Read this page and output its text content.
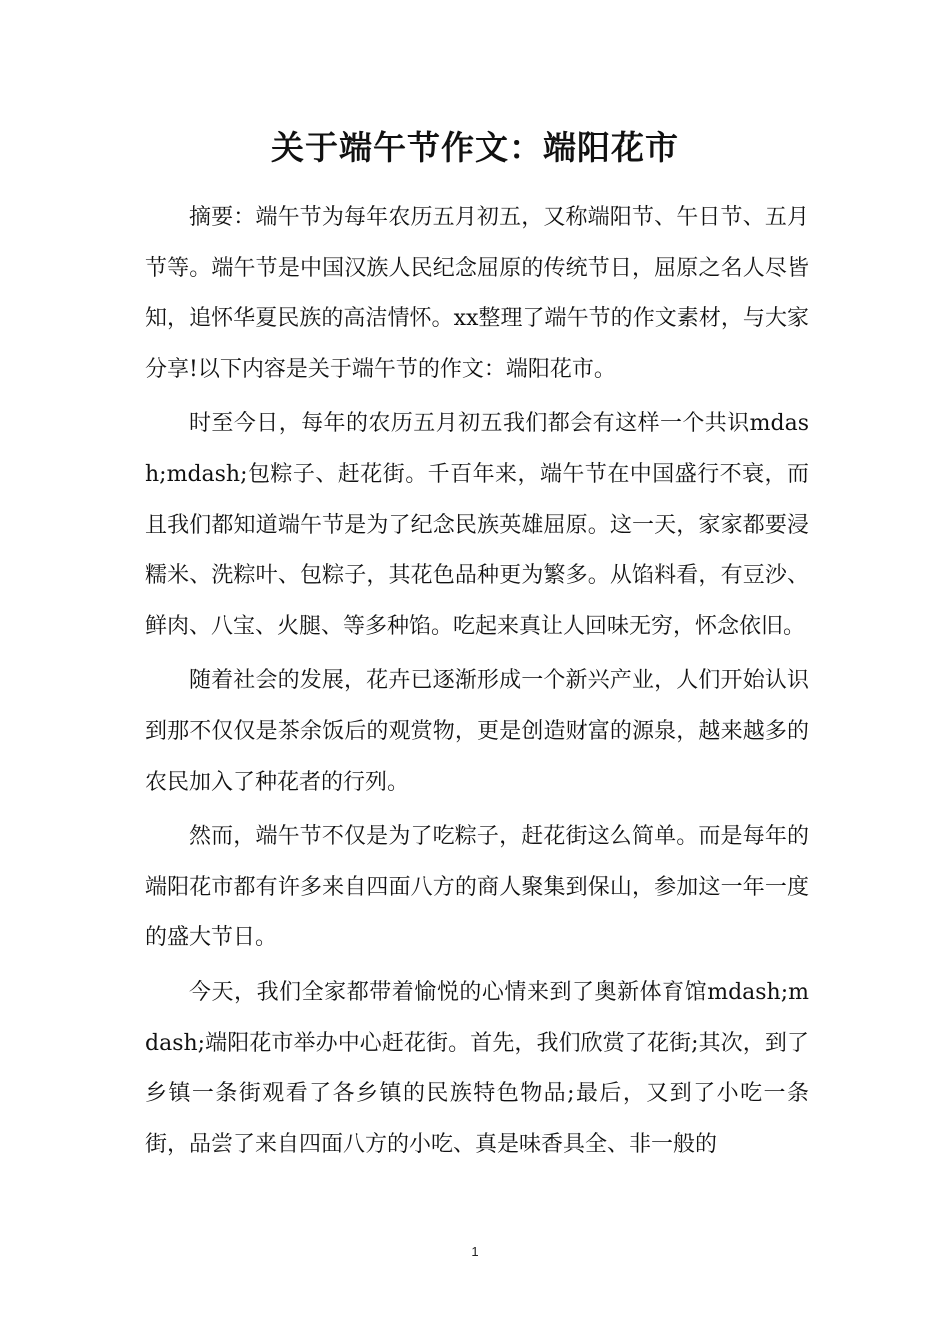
关于端午节作文：端阳花市

摘要：端午节为每年农历五月初五，又称端阳节、午日节、五月节等。端午节是中国汉族人民纪念屈原的传统节日，屈原之名人尽皆知，追怀华夏民族的高洁情怀。xx整理了端午节的作文素材，与大家分享!以下内容是关于端午节的作文：端阳花市。

时至今日，每年的农历五月初五我们都会有这样一个共识mdash;mdash;包粽子、赶花街。千百年来，端午节在中国盛行不衰，而且我们都知道端午节是为了纪念民族英雄屈原。这一天，家家都要浸糯米、洗粽叶、包粽子，其花色品种更为繁多。从馅料看，有豆沙、鲜肉、八宝、火腿、等多种馅。吃起来真让人回味无穷，怀念依旧。

随着社会的发展，花卉已逐渐形成一个新兴产业，人们开始认识到那不仅仅是茶余饭后的观赏物，更是创造财富的源泉，越来越多的农民加入了种花者的行列。

然而，端午节不仅是为了吃粽子，赶花街这么简单。而是每年的端阳花市都有许多来自四面八方的商人聚集到保山，参加这一年一度的盛大节日。

今天，我们全家都带着愉悦的心情来到了奥新体育馆mdash;mdash;端阳花市举办中心赶花街。首先，我们欣赏了花街;其次，到了乡镇一条街观看了各乡镇的民族特色物品;最后，又到了小吃一条街，品尝了来自四面八方的小吃、真是味香具全、非一般的

1
